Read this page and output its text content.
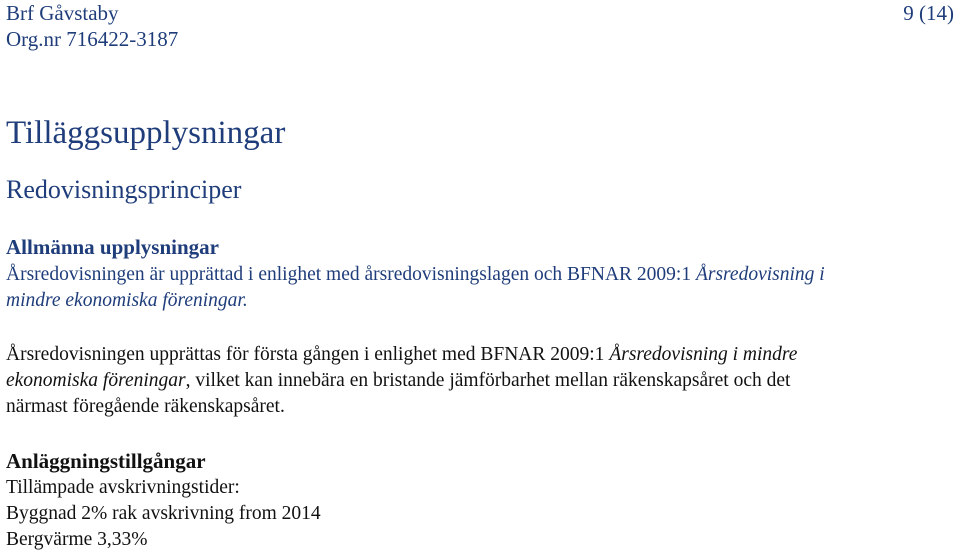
Brf Gåvstaby
Org.nr 716422-3187
9 (14)
Tilläggsupplysningar
Redovisningsprinciper
Allmänna upplysningar

Årsredovisningen är upprättad i enlighet med årsredovisningslagen och BFNAR 2009:1 Årsredovisning i
mindre ekonomiska föreningar.

Årsredovisningen upprättas för första gången i enlighet med BFNAR 2009:1 Årsredovisning i mindre
ekonomiska föreningar, vilket kan innebära en bristande jämförbarhet mellan räkenskapsåret och det
närmast föregående räkenskapsåret.

Anläggningstillgångar

Tillämpade avskrivningstider:
Byggnad 2% rak avskrivning from 2014
Bergvärme 3,33%
